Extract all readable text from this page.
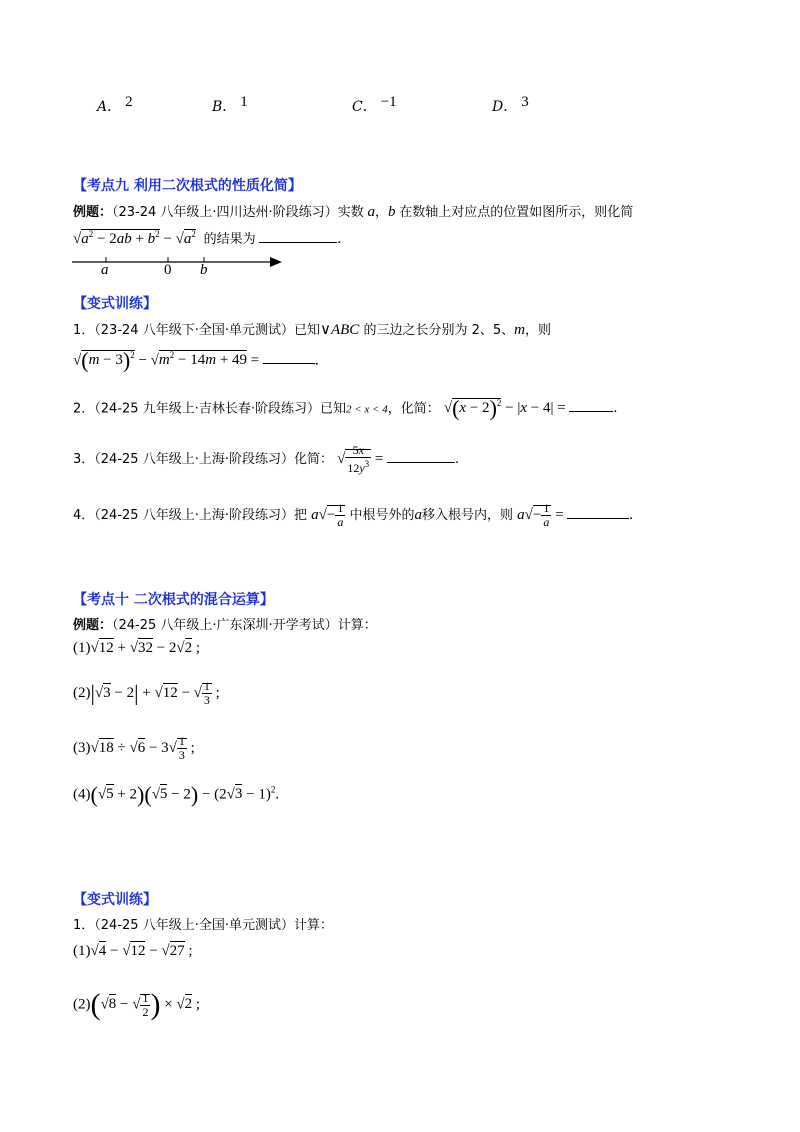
A． 2	B． 1	C． −1	D． 3
【考点九 利用二次根式的性质化简】
例题：（23-24 八年级上·四川达州·阶段练习）实数 a，b 在数轴上对应点的位置如图所示，则化简
$√a^2 - 2ab + b^2 - √a^2$ 的结果为	.
a	0 b
【变式训练】
1．（23-24 八年级下·全国·单元测试）已知∨ABC 的三边之长分别为 2、5、m，则
$√(m - 3)^2 - √m^2 - 14m + 49$ =	.
2．（24-25 九年级上·吉林长春·阶段练习）已知2 < x < 4，化简： $√(x - 2)^2 - |x - 4|$ =	.
3．（24-25 八年级上·上海·阶段练习）化简： √ $\frac{5x}{12y^3}$ =	.
4．（24-25 八年级上·上海·阶段练习）把 $a√- \frac{1}{a}$ 中根号外的a移入根号内，则 $a√- \frac{1}{a}$ =	.
【考点十 二次根式的混合运算】
例题：（24-25 八年级上·广东深圳·开学考试）计算：
(1)√12 + √32 − 2√2 ;
(2)|√3 − 2| + √12 − √ $\frac{1}{3}$ ;
$(3)√18 \div √6 - 3√ \frac{1}{3}$ ;
$(4)(√5 + 2)(√5 - 2) - (2√3 - 1)^2$.
【变式训练】
1．（24-25 八年级上·全国·单元测试）计算：
(1)√4 − √12 − √27 ;
(2)(√8 − √ $\frac{1}{2}$ ) × √2 ;
